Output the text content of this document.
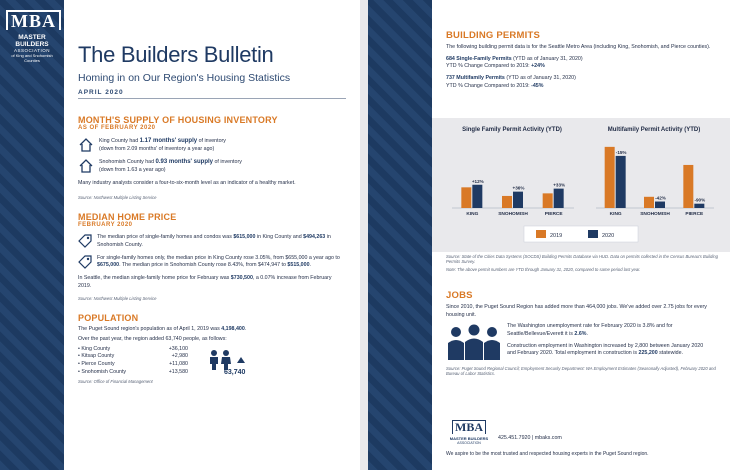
MBA
MASTER BUILDERS
ASSOCIATION
of King and Snohomish Counties	The Builders Bulletin
Homing in on Our Region's Housing Statistics
APRIL 2020
MONTH'S SUPPLY OF HOUSING INVENTORY
AS OF FEBRUARY 2020
King County had 1.17 months' supply of inventory
(down from 2.09 months' of inventory a year ago)
Snohomish County had 0.93 months' supply of inventory
(down from 1.63 a year ago)
Many industry analysts consider a four-to-six-month level as an indicator of a healthy market.
Source: Northwest Multiple Listing Service
MEDIAN HOME PRICE
FEBRUARY 2020
The median price of single-family homes and condos was $615,000 in King County and $494,263 in Snohomish County.
For single-family homes only, the median price in King County rose 3.05%, from $655,000 a year ago to $675,000. The median price in Snohomish County rose 8.43%, from $474,947 to $515,000.
In Seattle, the median single-family home price for February was $730,500, a 0.07% increase from February 2019.
Source: Northwest Multiple Listing Service
POPULATION
The Puget Sound region's population as of April 1, 2019 was 4,198,400.
Over the past year, the region added 63,740 people, as follows:
• King County	+36,100
• Kitsap County	+2,980
• Pierce County	+11,080
• Snohomish County	+13,580
Source: Office of Financial Management
63,740
BUILDING PERMITS
The following building permit data is for the Seattle Metro Area (including King, Snohomish, and Pierce counties).
684 Single-Family Permits (YTD as of January 31, 2020)
YTD % Change Compared to 2019: +24%
737 Multifamily Permits (YTD as of January 31, 2020)
YTD % Change Compared to 2019: -45%
Single Family Permit Activity (YTD)
+12%
KING
+36%
SNOHOMISH
+33%
PIERCE
Multifamily Permit Activity (YTD)
-15%
KING
-42%
SNOHOMISH
-90%
PIERCE
2019	2020
Source: State of the Cities Data Systems (SOCDS) Building Permits Database via HUD. Data on permits collected in the Census Bureau's Building Permits Survey.
Note: The above permit numbers are YTD through January 31, 2020, compared to same period last year.
JOBS
Since 2010, the Puget Sound Region has added more than 464,000 jobs. We've added over 2.75 jobs for every housing unit.
The Washington unemployment rate for February 2020 is 3.8% and for Seattle/Bellevue/Everett it is 2.6%.
Construction employment in Washington increased by 2,800 between January 2020 and February 2020. Total employment in construction is 225,200 statewide.
Source: Puget Sound Regional Council; Employment Security Department: WA Employment Estimates (Seasonally Adjusted), February 2020 and Bureau of Labor Statistics.
MBA
MASTER BUILDERS
ASSOCIATION
425.451.7920 | mbaks.com
We aspire to be the most trusted and respected housing experts in the Puget Sound region.
